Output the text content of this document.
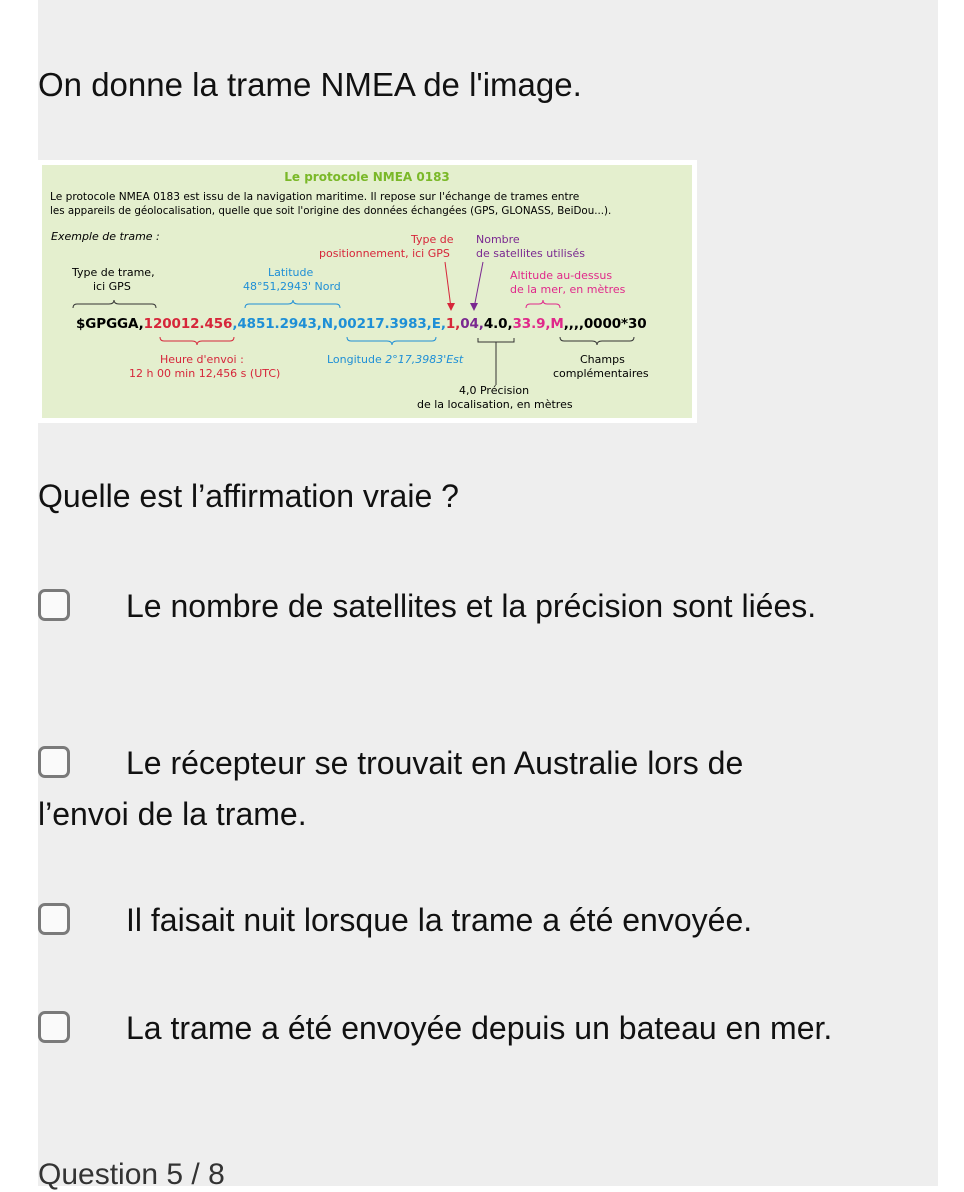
On donne la trame NMEA de l'image.
Le protocole NMEA 0183
Le protocole NMEA 0183 est issu de la navigation maritime. Il repose sur l'échange de trames entre
les appareils de géolocalisation, quelle que soit l'origine des données échangées (GPS, GLONASS, BeiDou...).
Exemple de trame :
Type de trame,
ici GPS
Latitude
48°51,2943' Nord
Type de
positionnement, ici GPS
Nombre
de satellites utilisés
Altitude au-dessus
de la mer, en mètres
$GPGGA,120012.456,4851.2943,N,00217.3983,E,1,04,4.0,33.9,M,,,,0000*30
Heure d'envoi :
12 h 00 min 12,456 s (UTC)
Longitude 2°17,3983'Est	Champs
complémentaires
4,0 Précision
de la localisation, en mètres
Quelle est l’affirmation vraie ?
Le nombre de satellites et la précision sont liées.
Le récepteur se trouvait en Australie lors de l’envoi de la trame.
Il faisait nuit lorsque la trame a été envoyée.
La trame a été envoyée depuis un bateau en mer.
Question 5 / 8
